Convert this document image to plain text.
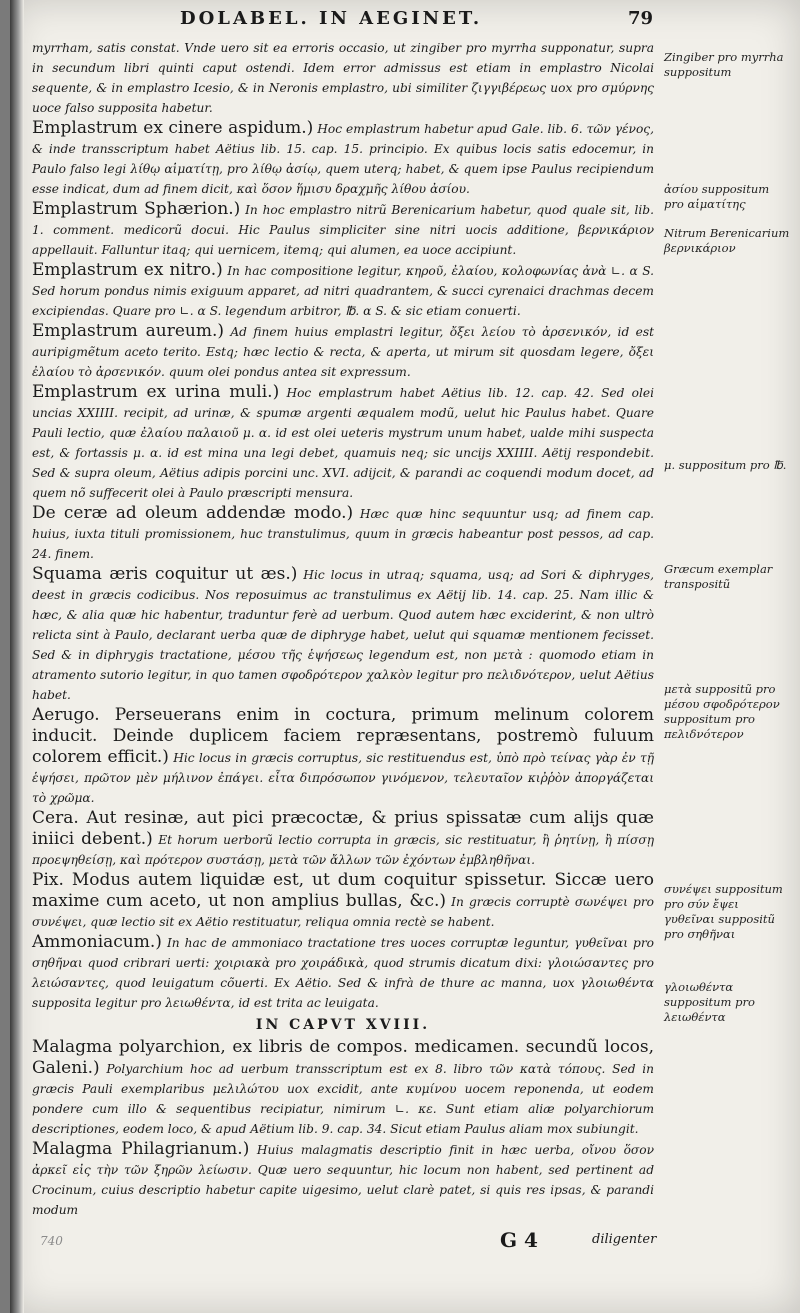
DOLABEL. IN AEGINET.	79

myrrham, satis constat. Vnde uero sit ea erroris occasio, ut zingiber pro myrrha supponatur, supra in secundum libri quinti caput ostendi. Idem error admissus est etiam in emplastro Nicolai sequente, & in emplastro Icesio, & in Neronis emplastro, ubi similiter ζιγγιβέρεως uox pro σμύρνης uoce falso supposita habetur.

Emplastrum ex cinere aspidum.) Hoc emplastrum habetur apud Gale. lib. 6. τῶν γένος, & inde transscriptum habet Aëtius lib. 15. cap. 15. principio. Ex quibus locis satis edocemur, in Paulo falso legi λίθῳ αἱματίτῃ, pro λίθῳ ἀσίῳ, quem uterq; habet, & quem ipse Paulus recipiendum esse indicat, dum ad finem dicit, καὶ ὅσον ἥμισυ δραχμῆς λίθου ἀσίου.

Emplastrum Sphærion.) In hoc emplastro nitrũ Berenicarium habetur, quod quale sit, lib. 1. comment. medicorũ docui. Hic Paulus simpliciter sine nitri uocis additione, βερνικάριον appellauit. Falluntur itaq; qui uernicem, itemq; qui alumen, ea uoce accipiunt.

Emplastrum ex nitro.) In hac compositione legitur, κηροῦ, ἐλαίου, κολοφωνίας ἀνὰ ∟. α S. Sed horum pondus nimis exiguum apparet, ad nitri quadrantem, & succi cyrenaici drachmas decem excipiendas. Quare pro ∟. α S. legendum arbitror, ℔. α S. & sic etiam conuerti.

Emplastrum aureum.) Ad finem huius emplastri legitur, ὄξει λείου τὸ ἀρσενικόν, id est auripigmẽtum aceto terito. Estq; hæc lectio & recta, & aperta, ut mirum sit quosdam legere, ὄξει ἐλαίου τὸ ἀρσενικόν. quum olei pondus antea sit expressum.

Emplastrum ex urina muli.) Hoc emplastrum habet Aëtius lib. 12. cap. 42. Sed olei uncias XXIIII. recipit, ad urinæ, & spumæ argenti æqualem modũ, uelut hic Paulus habet. Quare Pauli lectio, quæ ἐλαίου παλαιοῦ μ. α. id est olei ueteris mystrum unum habet, ualde mihi suspecta est, & fortassis μ. α. id est mina una legi debet, quamuis neq; sic uncijs XXIIII. Aëtij respondebit. Sed & supra oleum, Aëtius adipis porcini unc. XVI. adijcit, & parandi ac coquendi modum docet, ad quem nõ suffecerit olei à Paulo præscripti mensura.

De ceræ ad oleum addendæ modo.) Hæc quæ hinc sequuntur usq; ad finem cap. huius, iuxta tituli promissionem, huc transtulimus, quum in græcis habeantur post pessos, ad cap. 24. finem.

Squama æris coquitur ut æs.) Hic locus in utraq; squama, usq; ad Sori & diphryges, deest in græcis codicibus. Nos reposuimus ac transtulimus ex Aëtij lib. 14. cap. 25. Nam illic & hæc, & alia quæ hic habentur, traduntur ferè ad uerbum. Quod autem hæc exciderint, & non ultrò relicta sint à Paulo, declarant uerba quæ de diphryge habet, uelut qui squamæ mentionem fecisset. Sed & in diphrygis tractatione, μέσου τῆς ἑψήσεως legendum est, non μετὰ : quomodo etiam in atramento sutorio legitur, in quo tamen σφοδρότερον χαλκὸν legitur pro πελιδνότερον, uelut Aëtius habet.

Aerugo. Perseuerans enim in coctura, primum melinum colorem inducit. Deinde duplicem faciem repræsentans, postremò fuluum colorem efficit.) Hic locus in græcis corruptus, sic restituendus est, ὑπὸ πρὸ τείνας γὰρ ἐν τῇ ἑψήσει, πρῶτον μὲν μήλινον ἐπάγει. εἶτα διπρόσωπον γινόμενον, τελευταῖον κιῤῥὸν ἀποργάζεται τὸ χρῶμα.

Cera. Aut resinæ, aut pici præcoctæ, & prius spissatæ cum alijs quæ iniici debent.) Et horum uerborũ lectio corrupta in græcis, sic restituatur, ἢ ῥητίνῃ, ἢ πίσσῃ προεψηθείσῃ, καὶ πρότερον συστάσῃ, μετὰ τῶν ἄλλων τῶν ἐχόντων ἐμβληθῆναι.

Pix. Modus autem liquidæ est, ut dum coquitur spissetur. Siccæ uero maxime cum aceto, ut non amplius bullas, &c.) In græcis corruptè σωνέψει pro συνέψει, quæ lectio sit ex Aëtio restituatur, reliqua omnia rectè se habent.

Ammoniacum.) In hac de ammoniaco tractatione tres uoces corruptæ leguntur, γυθεῖναι pro σηθῆναι quod cribrari uerti: χοιριακὰ pro χοιράδικὰ, quod strumis dicatum dixi: γλοιώσαντες pro λειώσαντες, quod leuigatum cõuerti. Ex Aëtio. Sed & infrà de thure ac manna, uox γλοιωθέντα supposita legitur pro λειωθέντα, id est trita ac leuigata.

IN CAPVT XVIII.

Malagma polyarchion, ex libris de compos. medicamen. secundũ locos, Galeni.) Polyarchium hoc ad uerbum transscriptum est ex 8. libro τῶν κατὰ τόπους. Sed in græcis Pauli exemplaribus μελιλώτου uox excidit, ante κυμίνου uocem reponenda, ut eodem pondere cum illo & sequentibus recipiatur, nimirum ∟. κε. Sunt etiam aliæ polyarchiorum descriptiones, eodem loco, & apud Aëtium lib. 9. cap. 34. Sicut etiam Paulus aliam mox subiungit.

Malagma Philagrianum.) Huius malagmatis descriptio finit in hæc uerba, οἴνου ὅσον ἀρκεῖ εἰς τὴν τῶν ξηρῶν λείωσιν. Quæ uero sequuntur, hic locum non habent, sed pertinent ad Crocinum, cuius descriptio habetur capite uigesimo, uelut clarè patet, si quis res ipsas, & parandi modum

Zingiber pro myrrha suppositum
ἀσίου suppositum pro αἱματίτης
Nitrum Berenicarium βερνικάριον
μ. suppositum pro ℔.
Græcum exemplar transpositũ
μετὰ suppositũ pro μέσου σφοδρότερον suppositum pro πελιδνότερον
συνέψει suppositum pro σύν ἔψει γυθεῖναι suppositũ pro σηθῆναι
γλοιωθέντα suppositum pro λειωθέντα
740	G 4	diligenter
